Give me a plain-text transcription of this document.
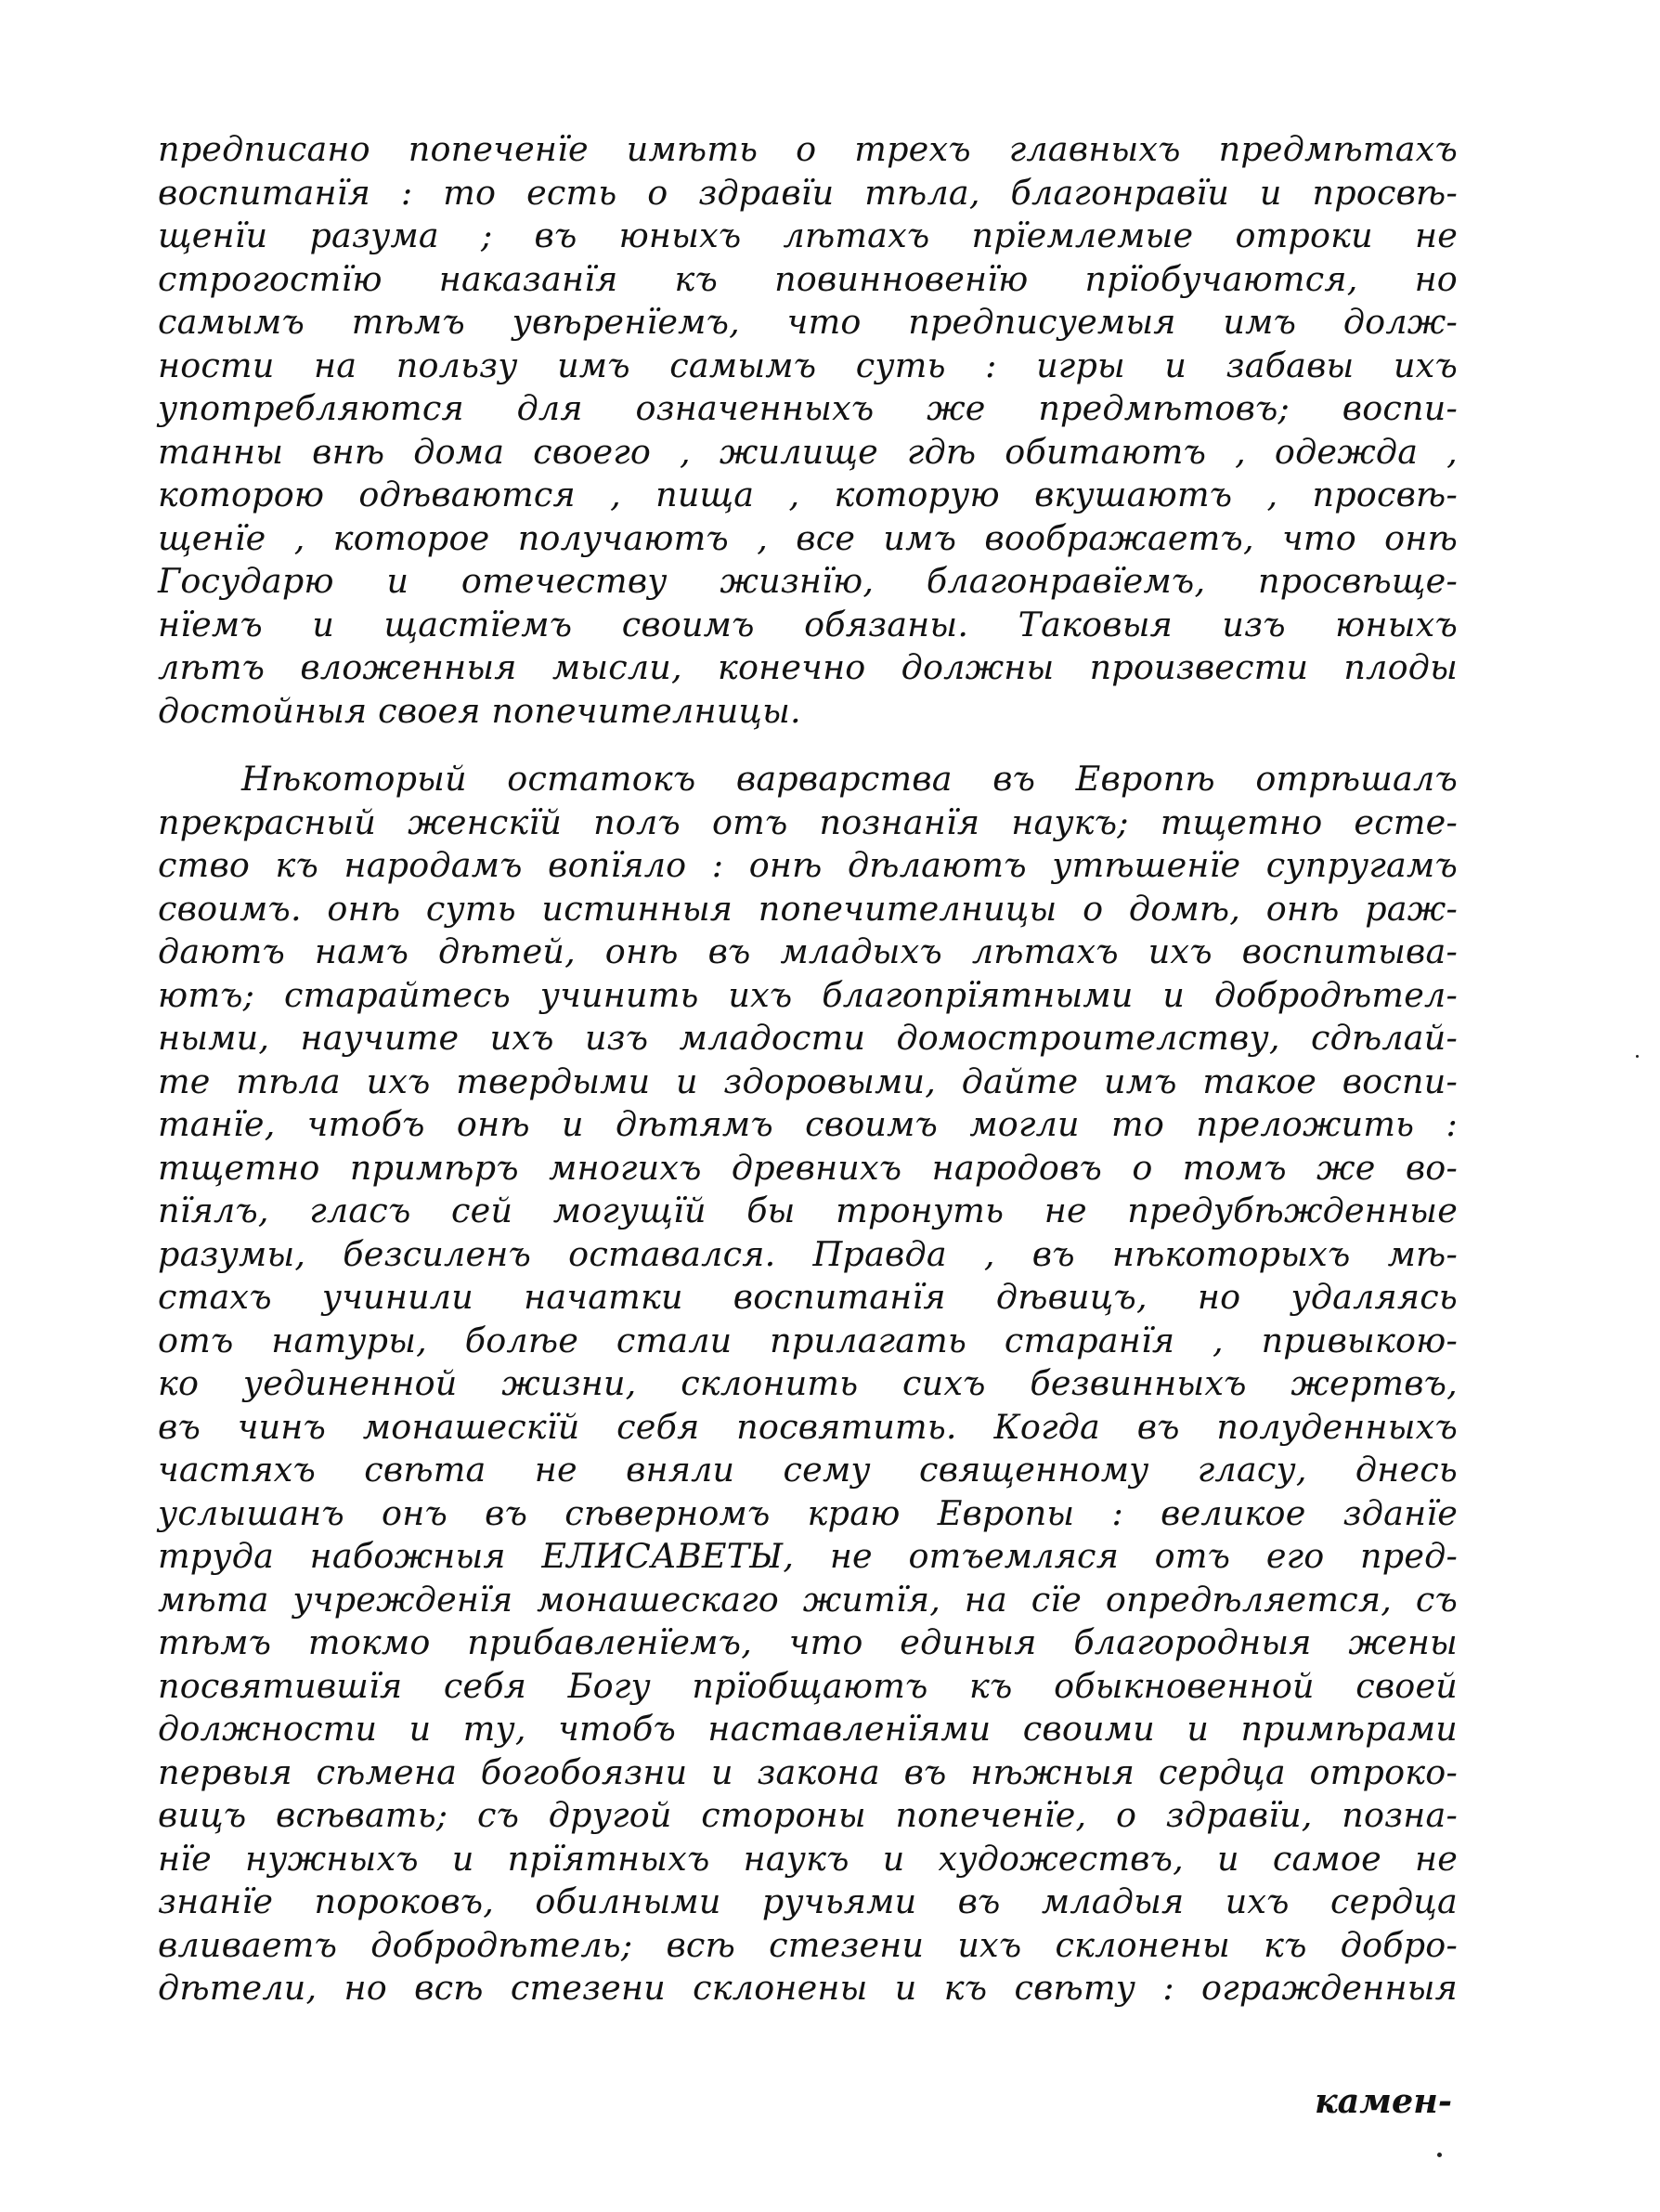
предписано попеченїе имѣть о трехъ главныхъ предмѣтахъ
воспитанїя : то есть о здравїи тѣла, благонравїи и просвѣ-
щенїи разума ; въ юныхъ лѣтахъ прїемлемые отроки не
строгостїю наказанїя къ повинновенїю прїобучаются, но
самымъ тѣмъ увѣренїемъ, что предписуемыя имъ долж-
ности на пользу имъ самымъ суть : игры и забавы ихъ
употребляются для означенныхъ же предмѣтовъ; воспи-
танны внѣ дома своего , жилище гдѣ обитаютъ , одежда ,
которою одѣваются , пища , которую вкушаютъ , просвѣ-
щенїе , которое получаютъ , все имъ воображаетъ, что онѣ
Государю и отечеству жизнїю, благонравїемъ, просвѣще-
нїемъ и щастїемъ своимъ обязаны. Таковыя изъ юныхъ
лѣтъ вложенныя мысли, конечно должны произвести плоды
достойныя своея попечителницы.
Нѣкоторый остатокъ варварства въ Европѣ отрѣшалъ
прекрасный женскїй полъ отъ познанїя наукъ; тщетно есте-
ство къ народамъ вопїяло : онѣ дѣлаютъ утѣшенїе супругамъ
своимъ. онѣ суть истинныя попечителницы о домѣ, онѣ раж-
даютъ намъ дѣтей, онѣ въ младыхъ лѣтахъ ихъ воспитыва-
ютъ; старайтесь учинить ихъ благопрїятными и добродѣтел-
ными, научите ихъ изъ младости домостроителству, сдѣлай-
те тѣла ихъ твердыми и здоровыми, дайте имъ такое воспи-
танїе, чтобъ онѣ и дѣтямъ своимъ могли то преложить :
тщетно примѣръ многихъ древнихъ народовъ о томъ же во-
пїялъ, гласъ сей могущїй бы тронуть не предубѣжденные
разумы, безсиленъ оставался. Правда , въ нѣкоторыхъ мѣ-
стахъ учинили начатки воспитанїя дѣвицъ, но удаляясь
отъ натуры, болѣе стали прилагать старанїя , привыкою-
ко уединенной жизни, склонить сихъ безвинныхъ жертвъ,
въ чинъ монашескїй себя посвятить. Когда въ полуденныхъ
частяхъ свѣта не вняли сему священному гласу, днесь
услышанъ онъ въ сѣверномъ краю Европы : великое зданїе
труда набожныя ЕЛИСАВЕТЫ, не отъемляся отъ его пред-
мѣта учрежденїя монашескаго житїя, на сїе опредѣляется, съ
тѣмъ токмо прибавленїемъ, что единыя благородныя жены
посвятившїя себя Богу прїобщаютъ къ обыкновенной своей
должности и ту, чтобъ наставленїями своими и примѣрами
первыя сѣмена богобоязни и закона въ нѣжныя сердца отроко-
вицъ всѣвать; съ другой стороны попеченїе, о здравїи, позна-
нїе нужныхъ и прїятныхъ наукъ и художествъ, и самое не
знанїе пороковъ, обилными ручьями въ младыя ихъ сердца
вливаетъ добродѣтель; всѣ стезени ихъ склонены къ добро-
дѣтели, но всѣ стезени склонены и къ свѣту : огражденныя
камен-
